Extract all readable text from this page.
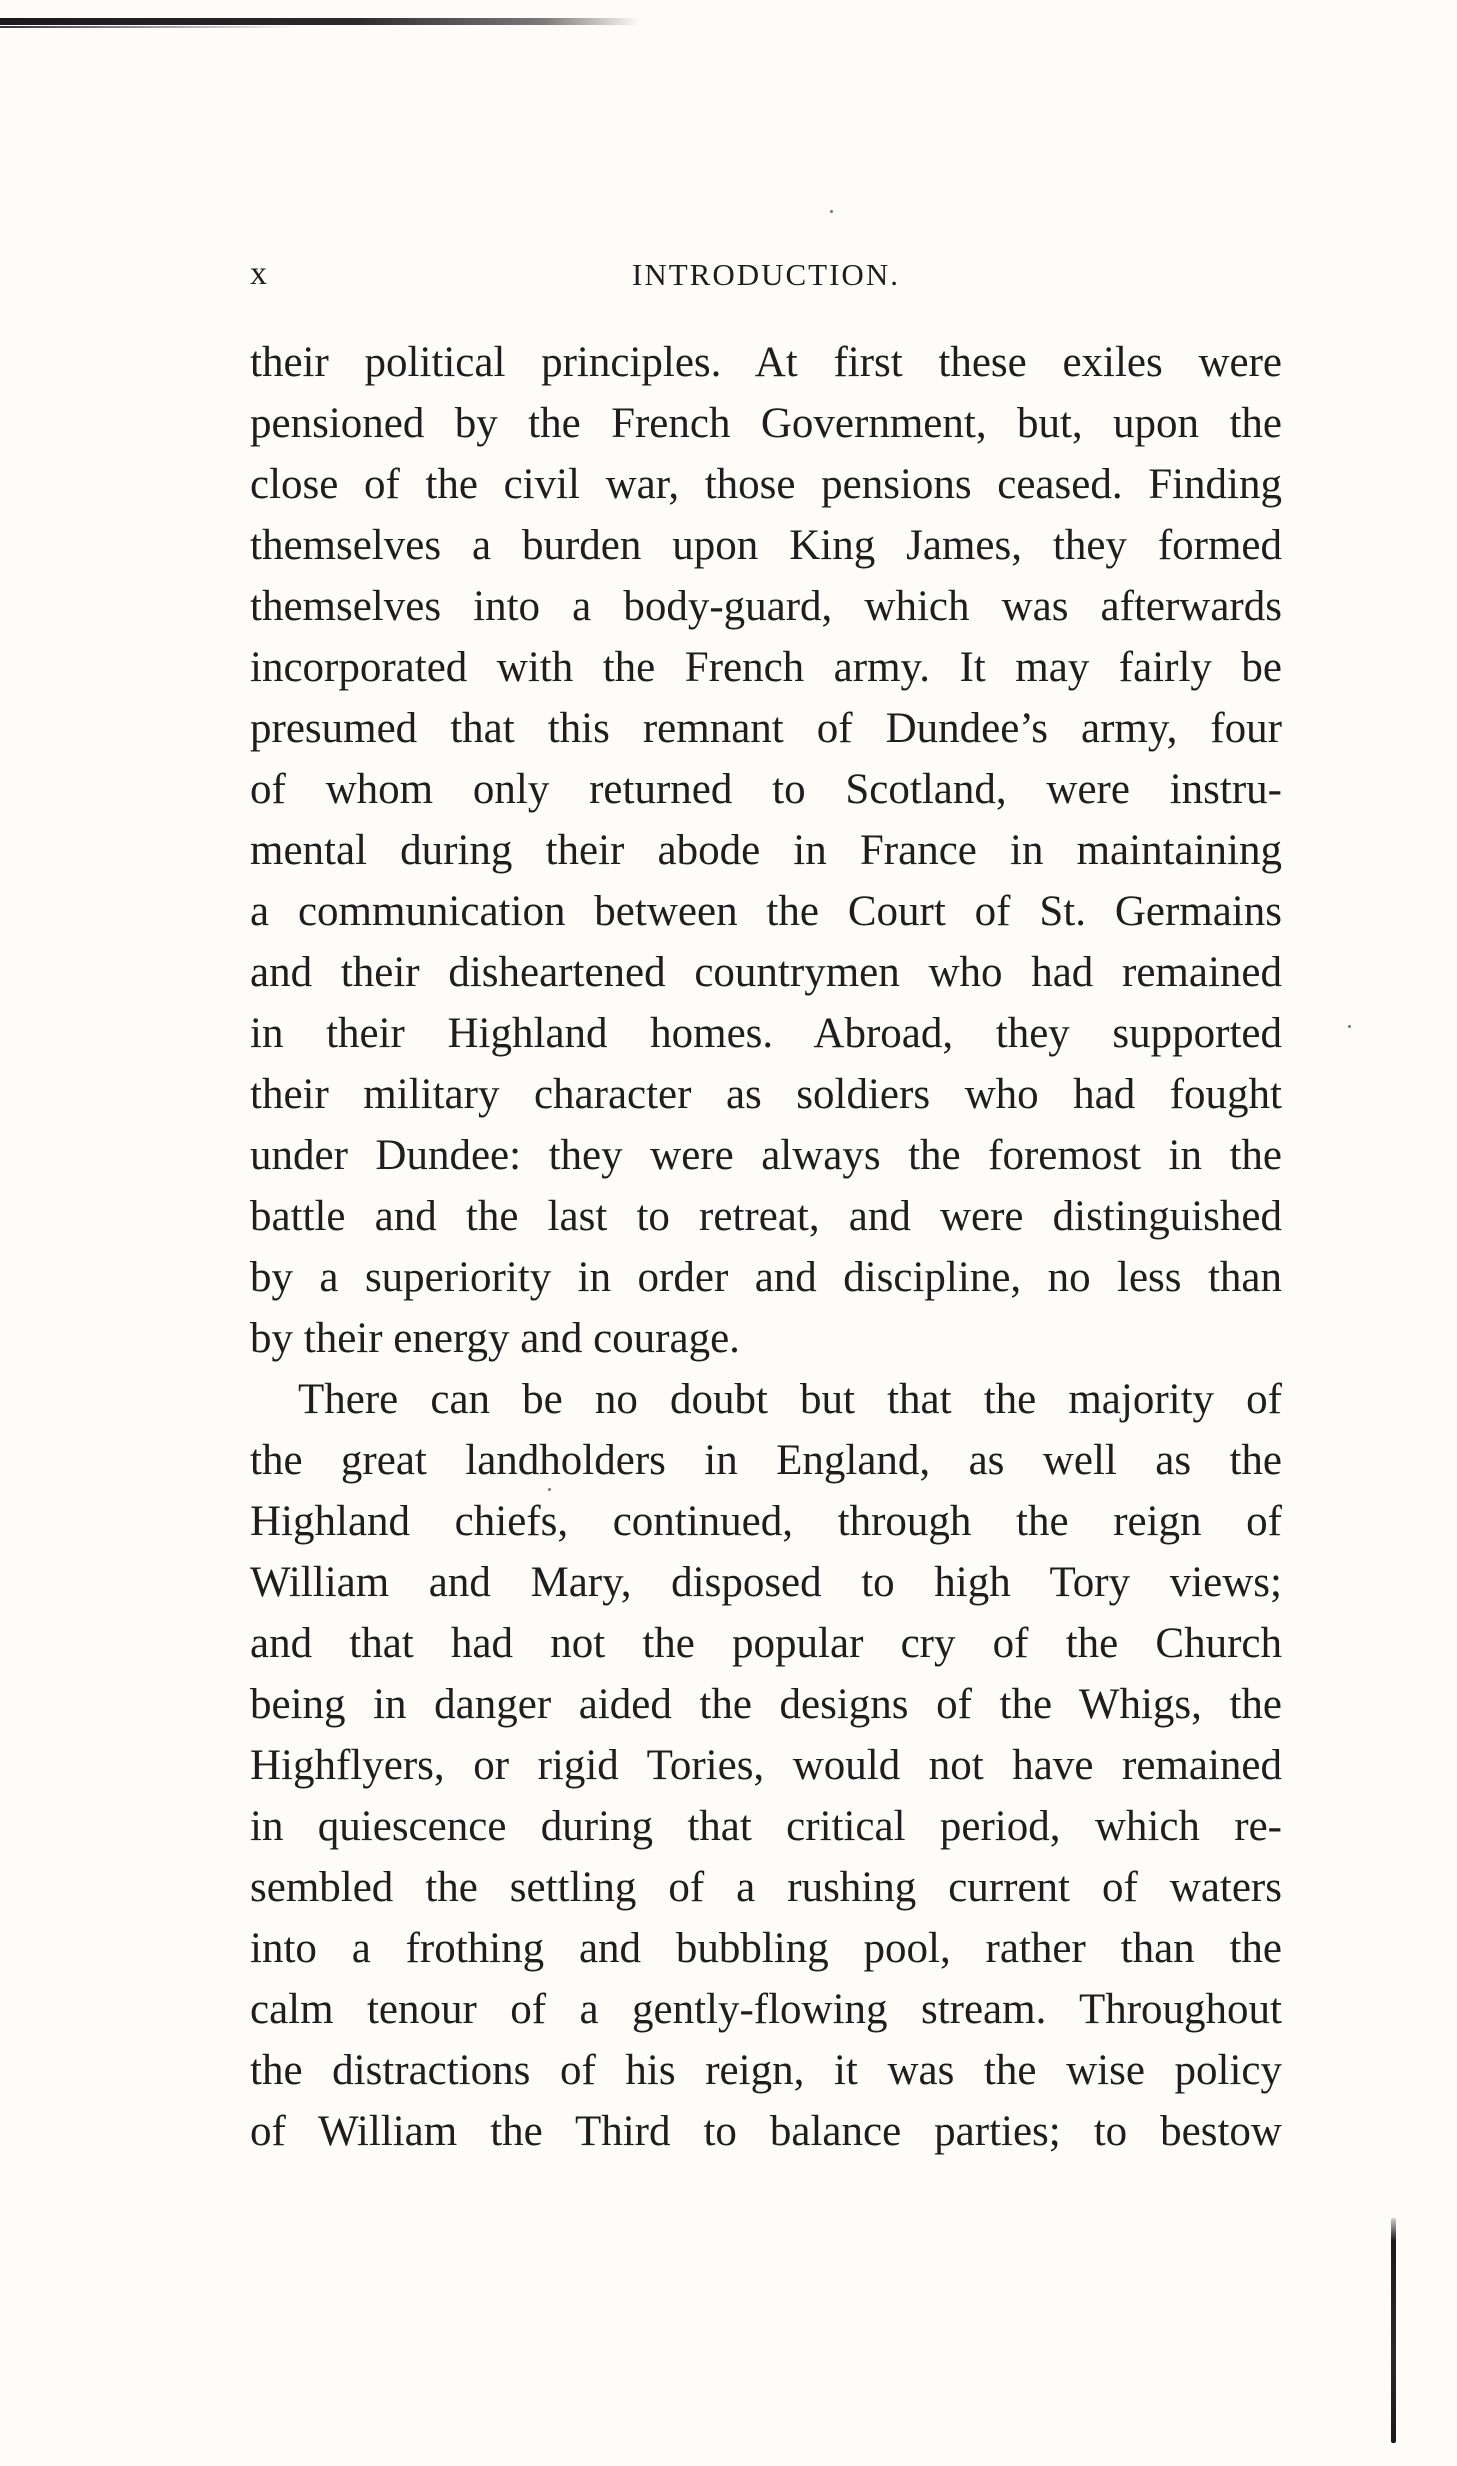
x	INTRODUCTION.
their political principles. At first these exiles were
pensioned by the French Government, but, upon the
close of the civil war, those pensions ceased. Finding
themselves a burden upon King James, they formed
themselves into a body-guard, which was afterwards
incorporated with the French army. It may fairly be
presumed that this remnant of Dundee’s army, four
of whom only returned to Scotland, were instru-
mental during their abode in France in maintaining
a communication between the Court of St. Germains
and their disheartened countrymen who had remained
in their Highland homes. Abroad, they supported
their military character as soldiers who had fought
under Dundee: they were always the foremost in the
battle and the last to retreat, and were distinguished
by a superiority in order and discipline, no less than
by their energy and courage.
There can be no doubt but that the majority of
the great landholders in England, as well as the
Highland chiefs, continued, through the reign of
William and Mary, disposed to high Tory views;
and that had not the popular cry of the Church
being in danger aided the designs of the Whigs, the
Highflyers, or rigid Tories, would not have remained
in quiescence during that critical period, which re-
sembled the settling of a rushing current of waters
into a frothing and bubbling pool, rather than the
calm tenour of a gently-flowing stream. Throughout
the distractions of his reign, it was the wise policy
of William the Third to balance parties; to bestow
